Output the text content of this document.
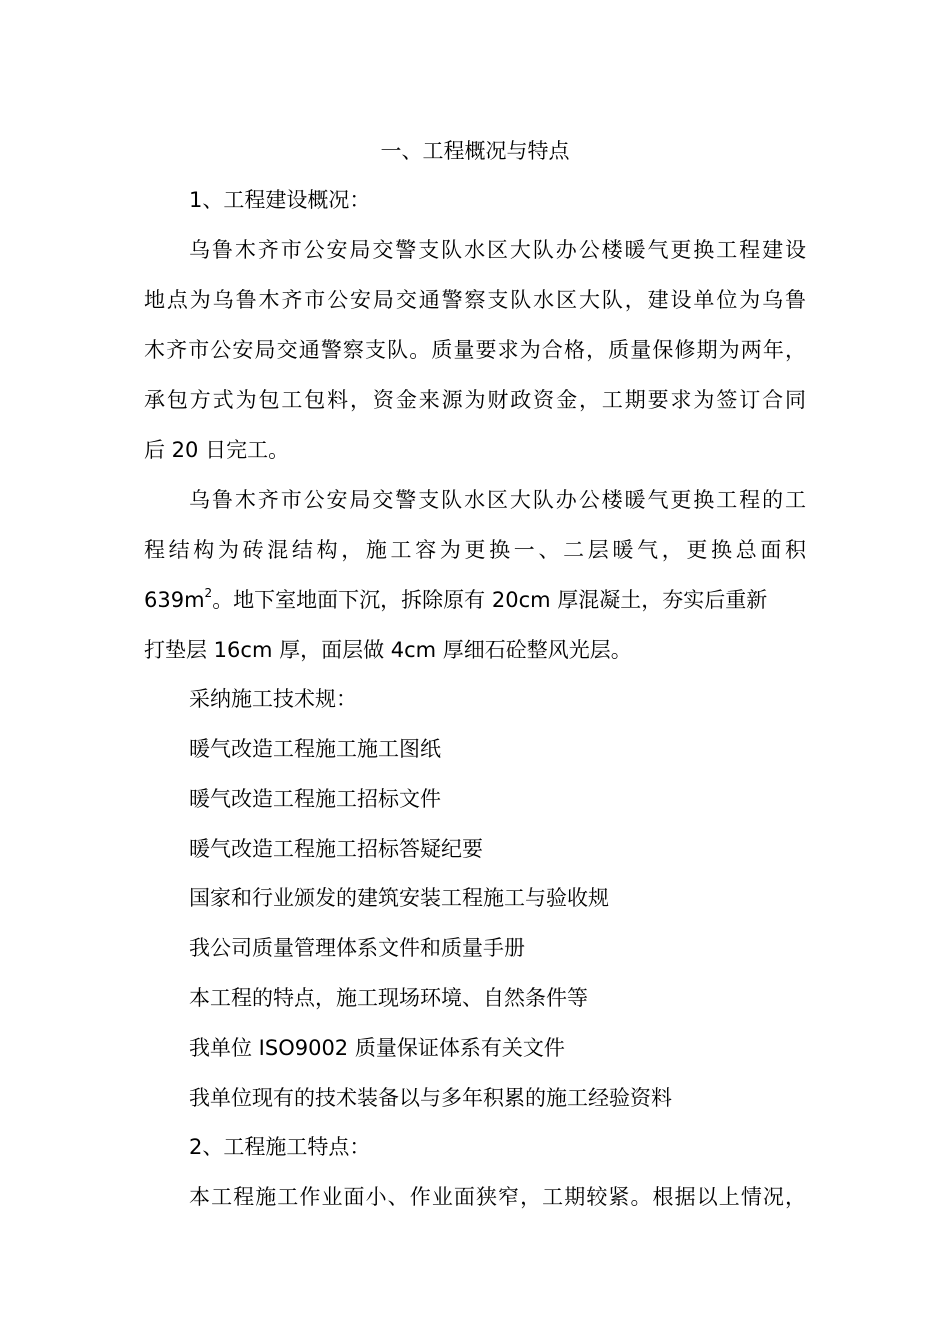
一、工程概况与特点
1、工程建设概况：
乌鲁木齐市公安局交警支队水区大队办公楼暖气更换工程建设
地点为乌鲁木齐市公安局交通警察支队水区大队，建设单位为乌鲁
木齐市公安局交通警察支队。质量要求为合格，质量保修期为两年，
承包方式为包工包料，资金来源为财政资金，工期要求为签订合同
后 20 日完工。
乌鲁木齐市公安局交警支队水区大队办公楼暖气更换工程的工
程结构为砖混结构，施工容为更换一、二层暖气，更换总面积
$639m^2$。地下室地面下沉，拆除原有 20cm 厚混凝土，夯实后重新
打垫层 16cm 厚，面层做 4cm 厚细石砼整风光层。
采纳施工技术规：
暖气改造工程施工施工图纸
暖气改造工程施工招标文件
暖气改造工程施工招标答疑纪要
国家和行业颁发的建筑安装工程施工与验收规
我公司质量管理体系文件和质量手册
本工程的特点，施工现场环境、自然条件等
我单位 ISO9002 质量保证体系有关文件
我单位现有的技术装备以与多年积累的施工经验资料
2、工程施工特点：
本工程施工作业面小、作业面狭窄，工期较紧。根据以上情况，
